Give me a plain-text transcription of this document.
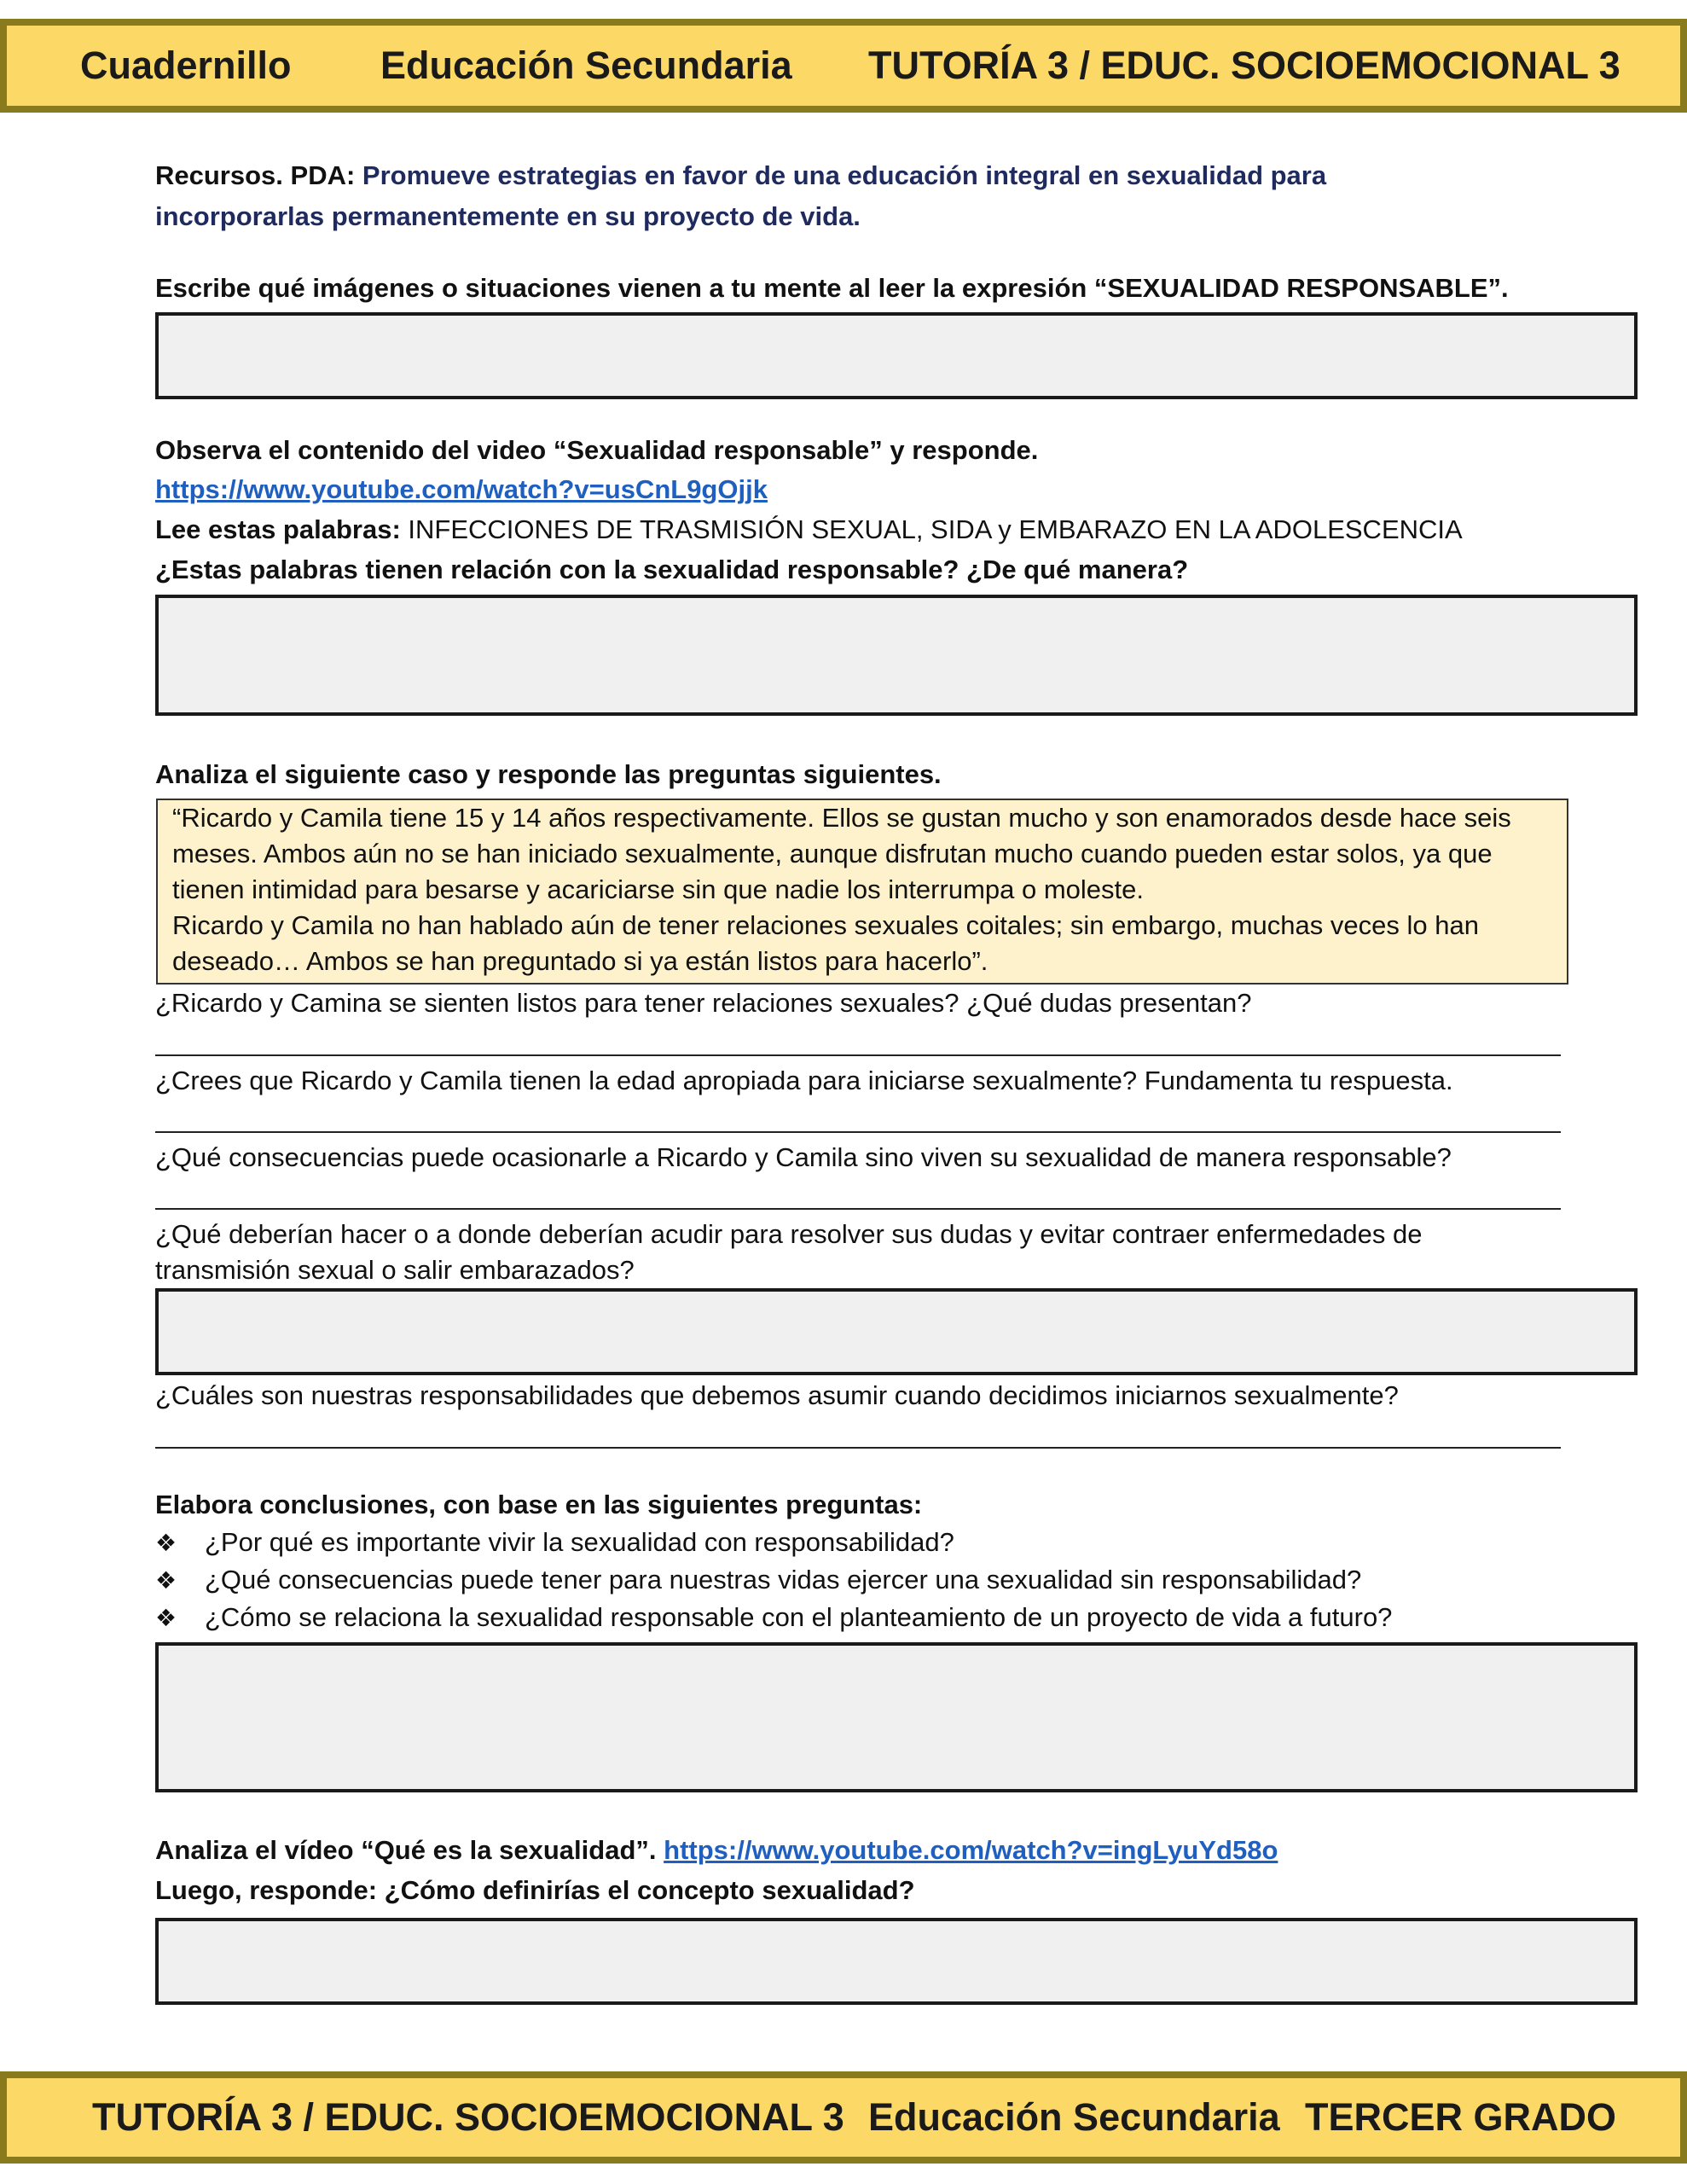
Cuadernillo Educación Secundaria TUTORÍA 3 / EDUC. SOCIOEMOCIONAL 3
Recursos. PDA: Promueve estrategias en favor de una educación integral en sexualidad para
incorporarlas permanentemente en su proyecto de vida.
Escribe qué imágenes o situaciones vienen a tu mente al leer la expresión “SEXUALIDAD RESPONSABLE”.
Observa el contenido del video “Sexualidad responsable” y responde.
https://www.youtube.com/watch?v=usCnL9gOjjk
Lee estas palabras: INFECCIONES DE TRASMISIÓN SEXUAL, SIDA y EMBARAZO EN LA ADOLESCENCIA
¿Estas palabras tienen relación con la sexualidad responsable? ¿De qué manera?
Analiza el siguiente caso y responde las preguntas siguientes.
“Ricardo y Camila tiene 15 y 14 años respectivamente. Ellos se gustan mucho y son enamorados desde hace seis
meses. Ambos aún no se han iniciado sexualmente, aunque disfrutan mucho cuando pueden estar solos, ya que
tienen intimidad para besarse y acariciarse sin que nadie los interrumpa o moleste.
Ricardo y Camila no han hablado aún de tener relaciones sexuales coitales; sin embargo, muchas veces lo han
deseado… Ambos se han preguntado si ya están listos para hacerlo”.
¿Ricardo y Camina se sienten listos para tener relaciones sexuales? ¿Qué dudas presentan?
¿Crees que Ricardo y Camila tienen la edad apropiada para iniciarse sexualmente? Fundamenta tu respuesta.
¿Qué consecuencias puede ocasionarle a Ricardo y Camila sino viven su sexualidad de manera responsable?
¿Qué deberían hacer o a donde deberían acudir para resolver sus dudas y evitar contraer enfermedades de
transmisión sexual o salir embarazados?
¿Cuáles son nuestras responsabilidades que debemos asumir cuando decidimos iniciarnos sexualmente?
Elabora conclusiones, con base en las siguientes preguntas:
❖ ¿Por qué es importante vivir la sexualidad con responsabilidad?
❖ ¿Qué consecuencias puede tener para nuestras vidas ejercer una sexualidad sin responsabilidad?
❖ ¿Cómo se relaciona la sexualidad responsable con el planteamiento de un proyecto de vida a futuro?
Analiza el vídeo “Qué es la sexualidad”. https://www.youtube.com/watch?v=ingLyuYd58o
Luego, responde: ¿Cómo definirías el concepto sexualidad?
TUTORÍA 3 / EDUC. SOCIOEMOCIONAL 3 Educación Secundaria TERCER GRADO
